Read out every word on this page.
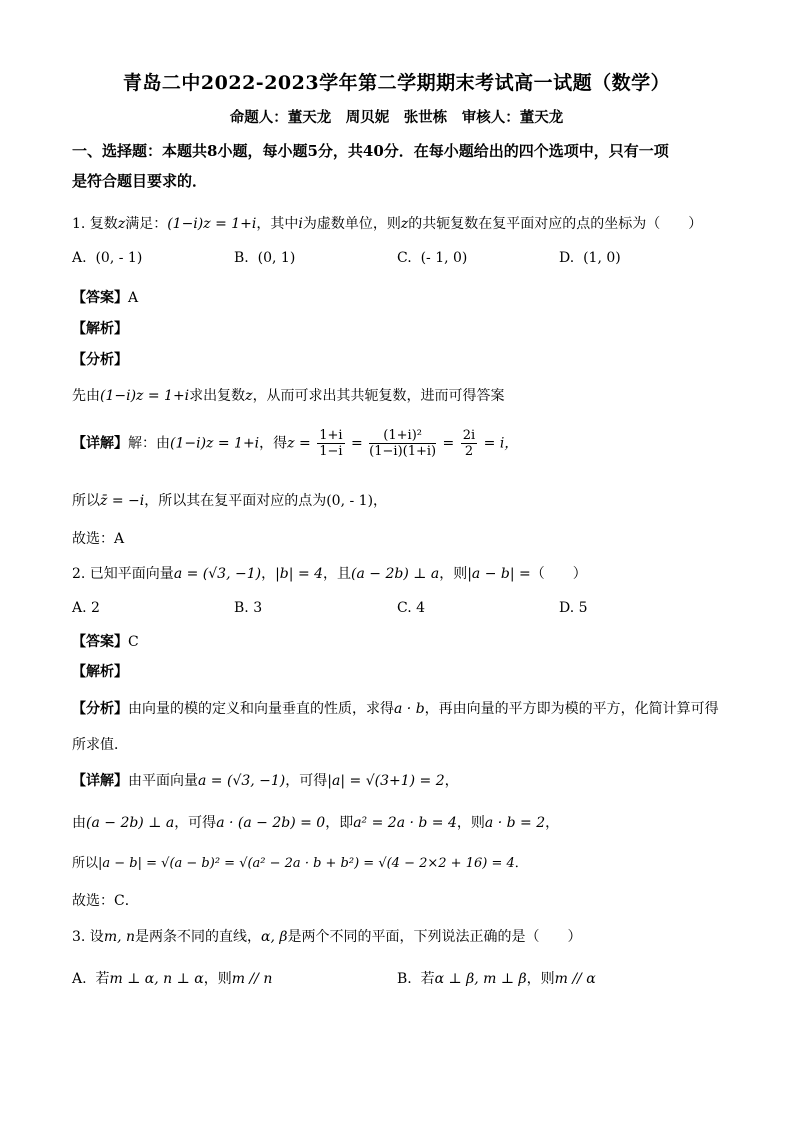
青岛二中2022-2023学年第二学期期末考试高一试题（数学）
命题人：董天龙　周贝妮　张世栋　审核人：董天龙
一、选择题：本题共8小题，每小题5分，共40分．在每小题给出的四个选项中，只有一项
是符合题目要求的．
1. 复数z满足：(1−i)z = 1+i，其中i为虚数单位，则z的共轭复数在复平面对应的点的坐标为（　　）
A. (0, - 1)	B. (0, 1)	C. (- 1, 0)	D. (1, 0)
【答案】A
【解析】
【分析】
先由(1−i)z = 1+i求出复数z，从而可求出其共轭复数，进而可得答案
【详解】解：由(1−i)z = 1+i，得$z = \frac{1+i}{1-i} = \frac{\text{(1+i)²}}{(1-i)(1+i)} = \frac{2i}{2} = i$，
所以z̄ = −i，所以其在复平面对应的点为(0, - 1)，
故选：A
2. 已知平面向量a = (√3, −1)，|b| = 4，且(a − 2b) ⊥ a，则|a − b| =（　　）
A. 2	B. 3	C. 4	D. 5
【答案】C
【解析】
【分析】由向量的模的定义和向量垂直的性质，求得a · b，再由向量的平方即为模的平方，化简计算可得
所求值．
【详解】由平面向量a = (√3, −1)，可得|a| = √(3+1) = 2，
由(a − 2b) ⊥ a，可得a · (a − 2b) = 0，即a² = 2a · b = 4，则a · b = 2，
所以|a − b| = √(a − b)² = √(a² − 2a · b + b²) = √(4 − 2×2 + 16) = 4．
故选：C．
3. 设m, n是两条不同的直线，α, β是两个不同的平面，下列说法正确的是（　　）
A. 若m ⊥ α, n ⊥ α，则m // n	B. 若α ⊥ β, m ⊥ β，则m // α
